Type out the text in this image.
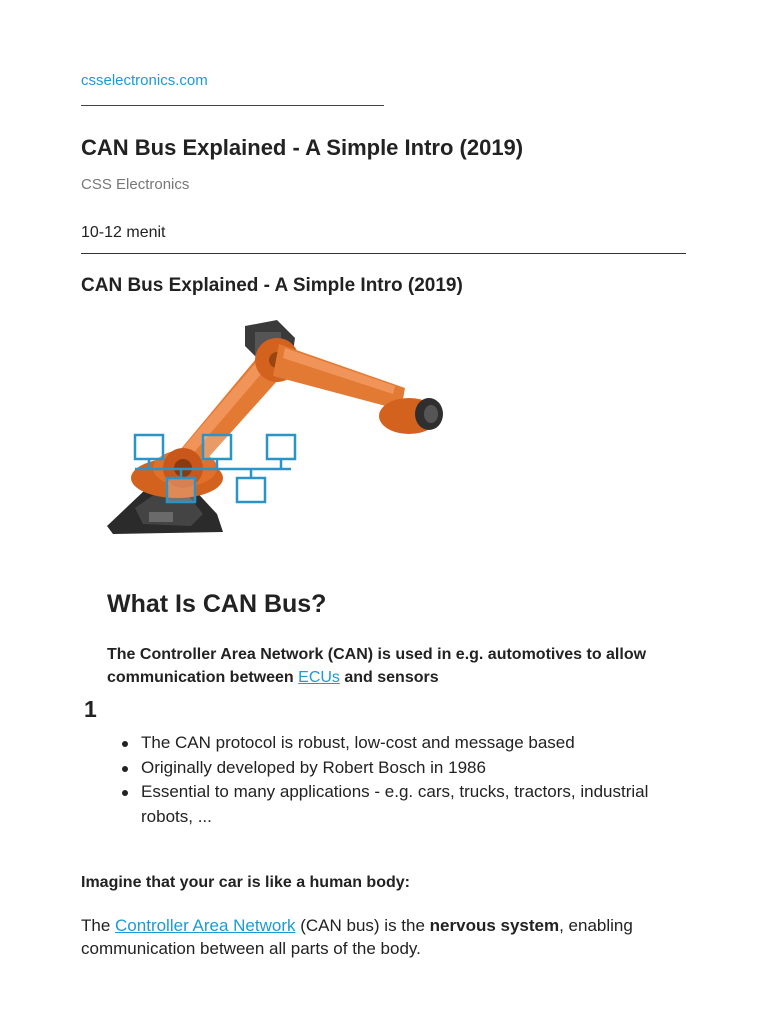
csselectronics.com
CAN Bus Explained - A Simple Intro (2019)
CSS Electronics
10-12 menit
CAN Bus Explained - A Simple Intro (2019)
1
What Is CAN Bus?

The Controller Area Network (CAN) is used in e.g. automotives to allow communication between ECUs and sensors

The CAN protocol is robust, low-cost and message based
Originally developed by Robert Bosch in 1986
Essential to many applications - e.g. cars, trucks, tractors, industrial robots, ...

Imagine that your car is like a human body:

The Controller Area Network (CAN bus) is the nervous system, enabling communication between all parts of the body.
